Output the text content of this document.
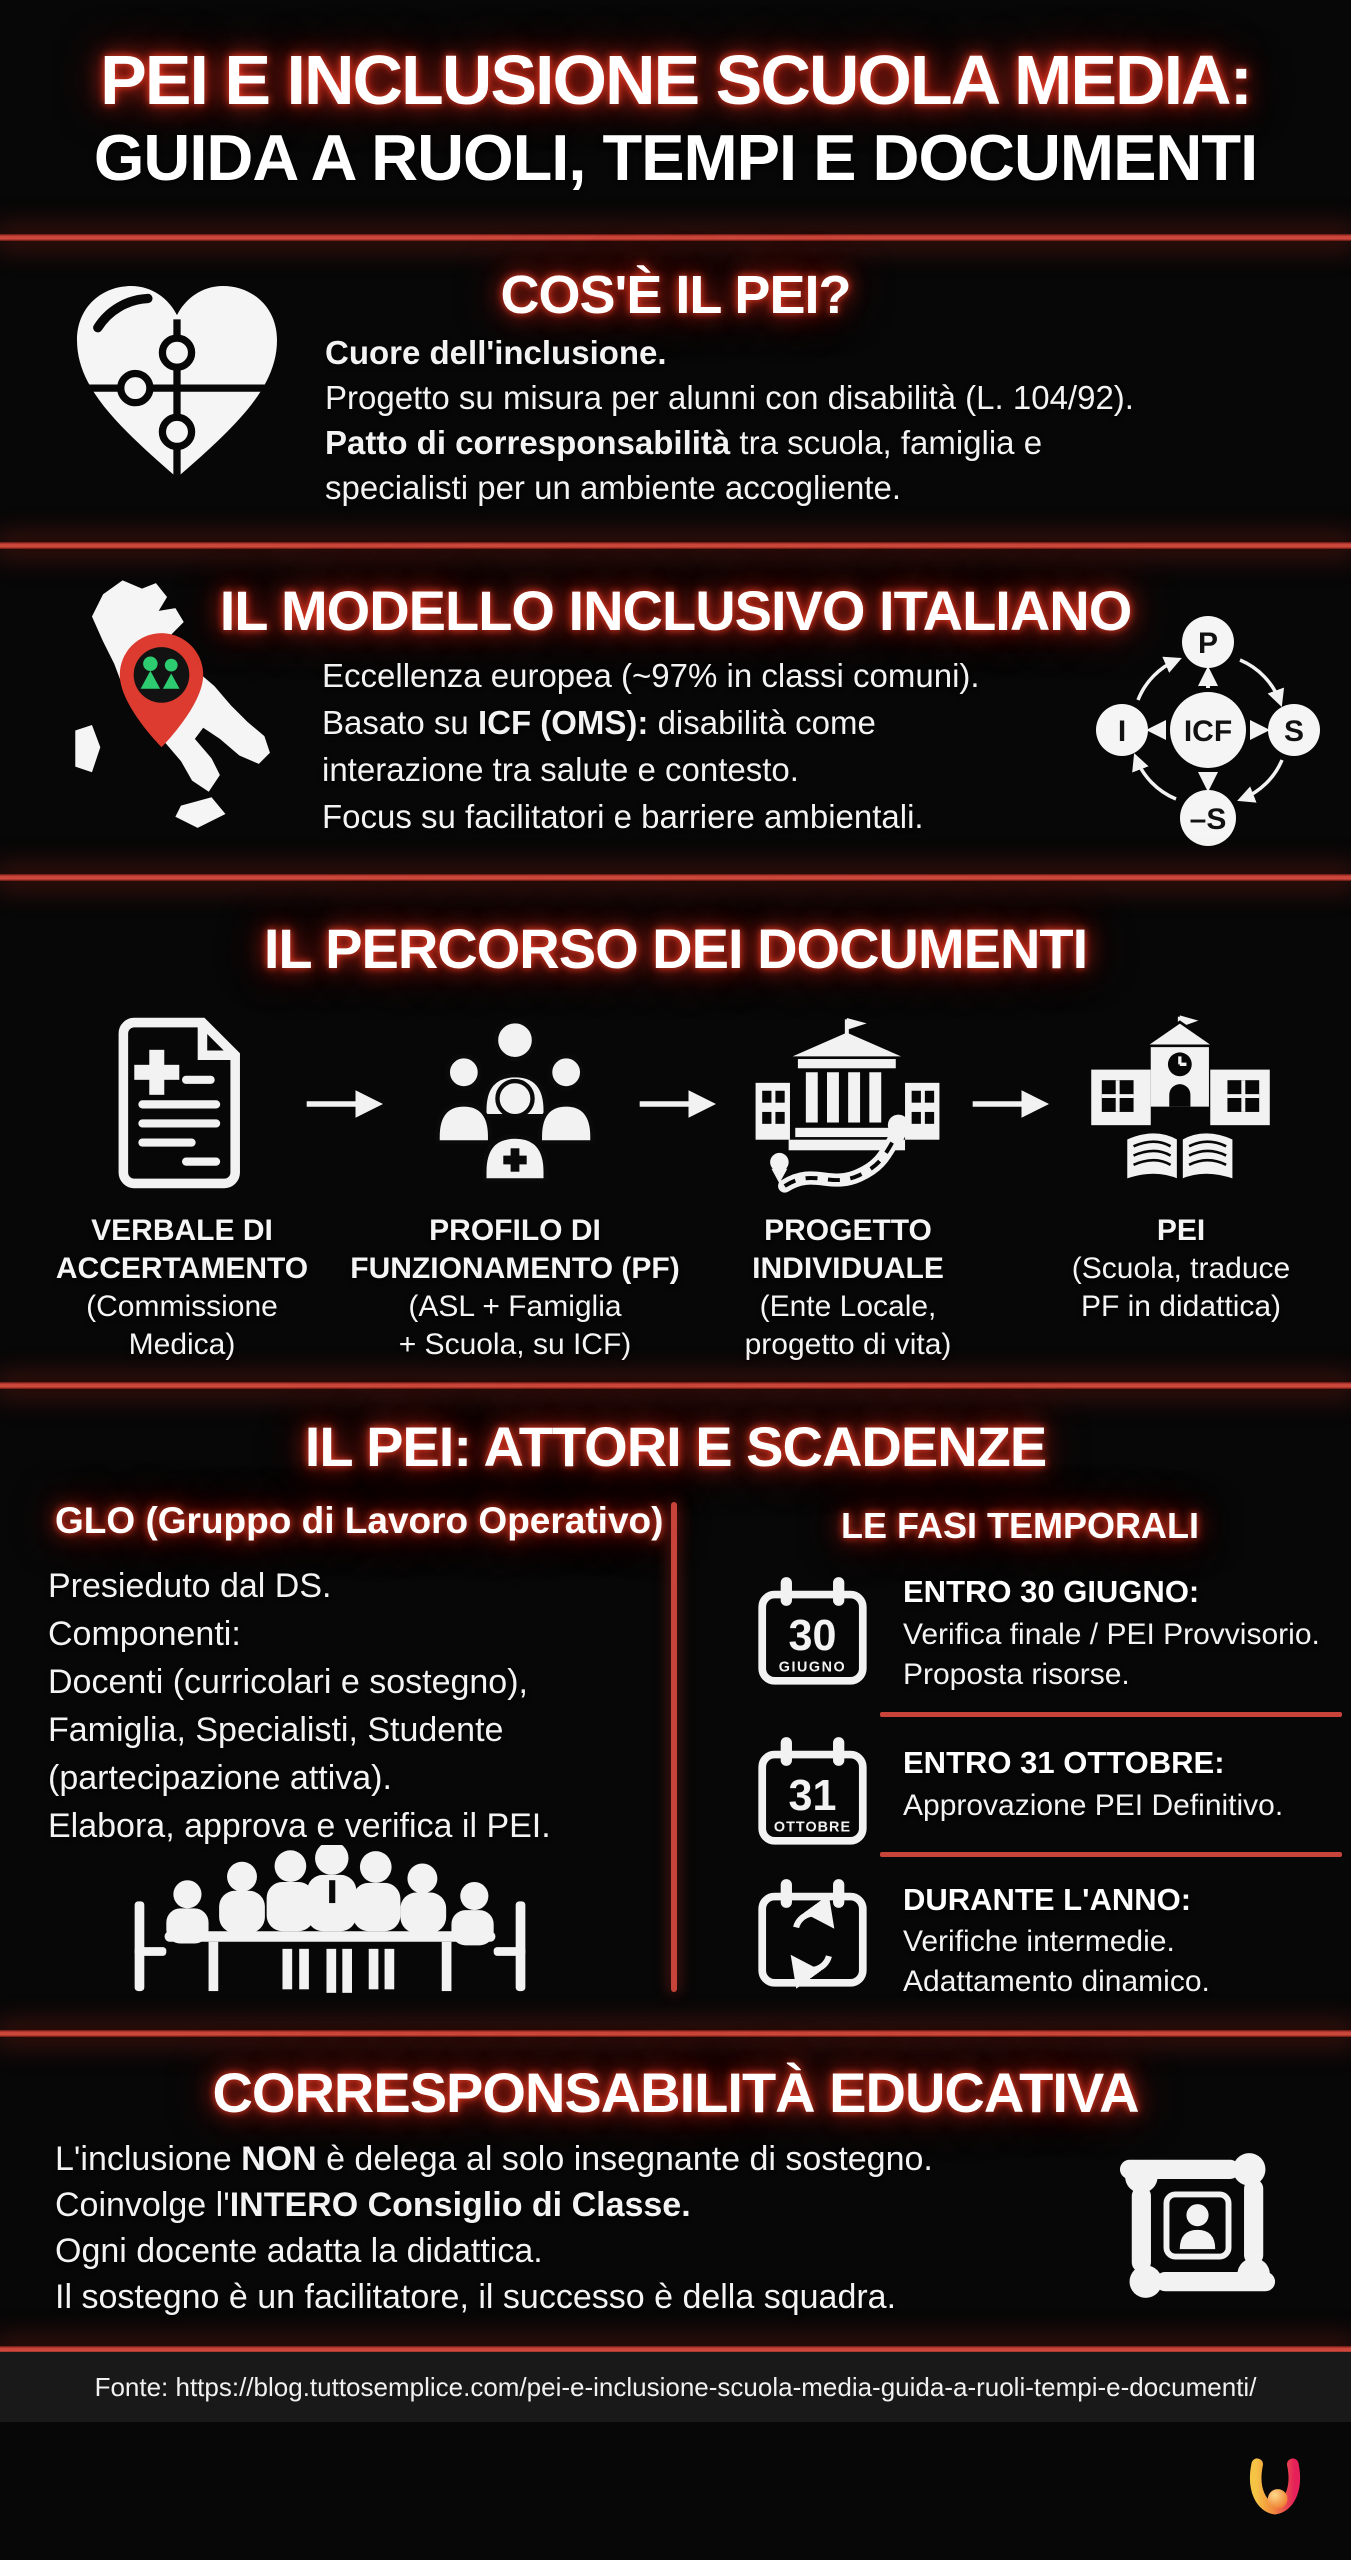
PEI E INCLUSIONE SCUOLA MEDIA:
GUIDA A RUOLI, TEMPI E DOCUMENTI
COS'È IL PEI?
Cuore dell'inclusione.
Progetto su misura per alunni con disabilità (L. 104/92).
Patto di corresponsabilità tra scuola, famiglia e
specialisti per un ambiente accogliente.
IL MODELLO INCLUSIVO ITALIANO
Eccellenza europea (~97% in classi comuni).
Basato su ICF (OMS): disabilità come
interazione tra salute e contesto.
Focus su facilitatori e barriere ambientali.
ICF
P
I	S
–S
IL PERCORSO DEI DOCUMENTI
VERBALE DI
ACCERTAMENTO
(Commissione
Medica)
PROFILO DI
FUNZIONAMENTO (PF)
(ASL + Famiglia
+ Scuola, su ICF)
PROGETTO
INDIVIDUALE
(Ente Locale,
progetto di vita)
PEI
(Scuola, traduce
PF in didattica)
IL PEI: ATTORI E SCADENZE
GLO (Gruppo di Lavoro Operativo)
Presieduto dal DS.
Componenti:
Docenti (curricolari e sostegno),
Famiglia, Specialisti, Studente
(partecipazione attiva).
Elabora, approva e verifica il PEI.
LE FASI TEMPORALI
30
GIUGNO
ENTRO 30 GIUGNO:
Verifica finale / PEI Provvisorio.
Proposta risorse.
31
OTTOBRE
ENTRO 31 OTTOBRE:
Approvazione PEI Definitivo.
DURANTE L'ANNO:
Verifiche intermedie.
Adattamento dinamico.
CORRESPONSABILITÀ EDUCATIVA
L'inclusione NON è delega al solo insegnante di sostegno.
Coinvolge l'INTERO Consiglio di Classe.
Ogni docente adatta la didattica.
Il sostegno è un facilitatore, il successo è della squadra.
Fonte: https://blog.tuttosemplice.com/pei-e-inclusione-scuola-media-guida-a-ruoli-tempi-e-documenti/
